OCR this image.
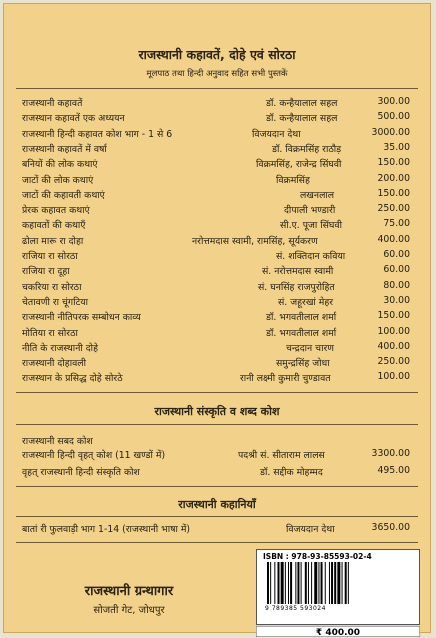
राजस्थानी कहावतें, दोहे एवं सोरठा
मूलपाठ तथा हिन्दी अनुवाद सहित सभी पुस्तकें
राजस्थानी कहावतें	डॉ. कन्हैयालाल सहल	300.00
राजस्थान कहावतें एक अध्ययन	डॉ. कन्हैयालाल सहल	500.00
राजस्थानी हिन्दी कहावत कोश भाग - 1 से 6	विजयदान देथा	3000.00
राजस्थानी कहावतें में वर्षा	डॉ. विक्रमसिंह राठौड़	35.00
बनियों की लोक कथाएं	विक्रमसिंह, राजेन्द्र सिंघवी	150.00
जाटों की लोक कथाएं	विक्रमसिंह	200.00
जाटों की कहावती कथाएं	लखनलाल	150.00
प्रेरक कहावत कथाएं	दीपाली भण्डारी	250.00
कहावतों की कथाएँ	सी.ए. पूजा सिंघवी	75.00
ढोला मारू रा दोहा	नरोत्तमदास स्वामी, रामसिंह, सूर्यकरण	400.00
राजिया रा सोरठा	सं. शक्तिदान कविया	60.00
राजिया रा दूहा	सं. नरोत्तमदास स्वामी	60.00
चकरिया रा सोरठा	सं. घनसिंह राजपुरोहित	80.00
चेतावणी रा चूंगटिया	सं. जहूरखां मेहर	30.00
राजस्थानी नीतिपरक सम्बोधन काव्य	डॉ. भगवतीलाल शर्मा	150.00
मोतिया रा सोरठा	डॉ. भगवतीलाल शर्मा	100.00
नीति के राजस्थानी दोहे	चन्द्रदान चारण	400.00
राजस्थानी दोहावली	समुन्द्रसिंह जोधा	250.00
राजस्थान के प्रसिद्ध दोहे सोरठे	रानी लक्ष्मी कुमारी चुण्डावत	100.00
राजस्थानी संस्कृति व शब्द कोश
राजस्थानी सबद कोश
राजस्थानी हिन्दी वृहत् कोश (11 खण्डों में)	पदश्री सं. सीताराम लालस	3300.00
वृहत् राजस्थानी हिन्दी संस्कृति कोश	डॉ. सद्दीक मोहम्मद	495.00
राजस्थानी कहानियाँ
बातां री फुलवाड़ी भाग 1-14 (राजस्थानी भाषा में)	विजयदान देथा	3650.00
ISBN : 978-93-85593-02-4
9 789385 593024
₹ 400.00
राजस्थानी ग्रन्थागार
सोजती गेट, जोधपुर
